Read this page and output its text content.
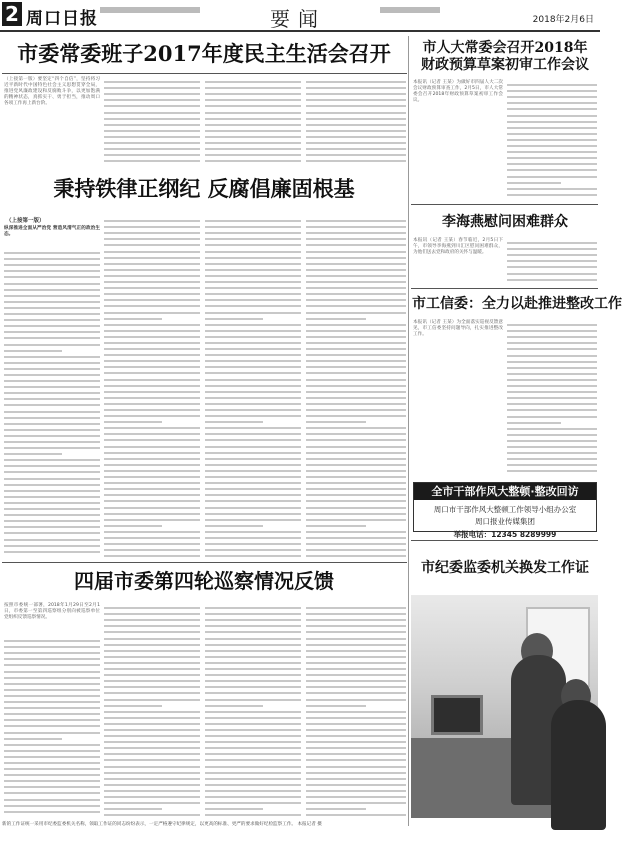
2 周口日报	要闻	2018年2月6日
市委常委班子2017年度民主生活会召开
（上接第一版）要坚定“四个自信”，坚持将习近平新时代中国特色社会主义思想贯穿全局，推进党风廉政建设和反腐败斗争，以更加饱满的精神状态，真抓实干、勇于担当，推动周口各项工作再上新台阶。
市人大常委会召开2018年
财政预算草案初审工作会议
本报讯（记者 王某）为做好市四届人大二次会议财政预算审查工作，2月5日，市人大常委会召开2018年财政预算草案初审工作会议。
秉持铁律正纲纪 反腐倡廉固根基
（上接第一版）
纵深推进全面从严治党 营造风清气正的政治生态。
李海燕慰问困难群众
本报讯（记者 王某）春节临近，2月5日下午，市领导李海燕到川汇区慰问困难群众，为他们送去党和政府的关怀与温暖。
市工信委：全力以赴推进整改工作
本报讯（记者 王某）为全面落实巡视反馈意见，市工信委坚持问题导向，扎实推进整改工作。
全市干部作风大整顿·整改回访
周口市干部作风大整顿工作领导小组办公室
周口报业传媒集团
举报电话：12345 8289999
市纪委监委机关换发工作证
四届市委第四轮巡察情况反馈
按照市委统一部署，2018年1月29日至2月1日，市委第一至第四巡察组分别向被巡察单位党组织反馈巡察情况。
新的工作证统一采用市纪委监委机关名称，领取工作证的同志纷纷表示，一定严格遵守纪律规定，以更高的标准、更严的要求做好纪检监察工作。 本报记者 摄
